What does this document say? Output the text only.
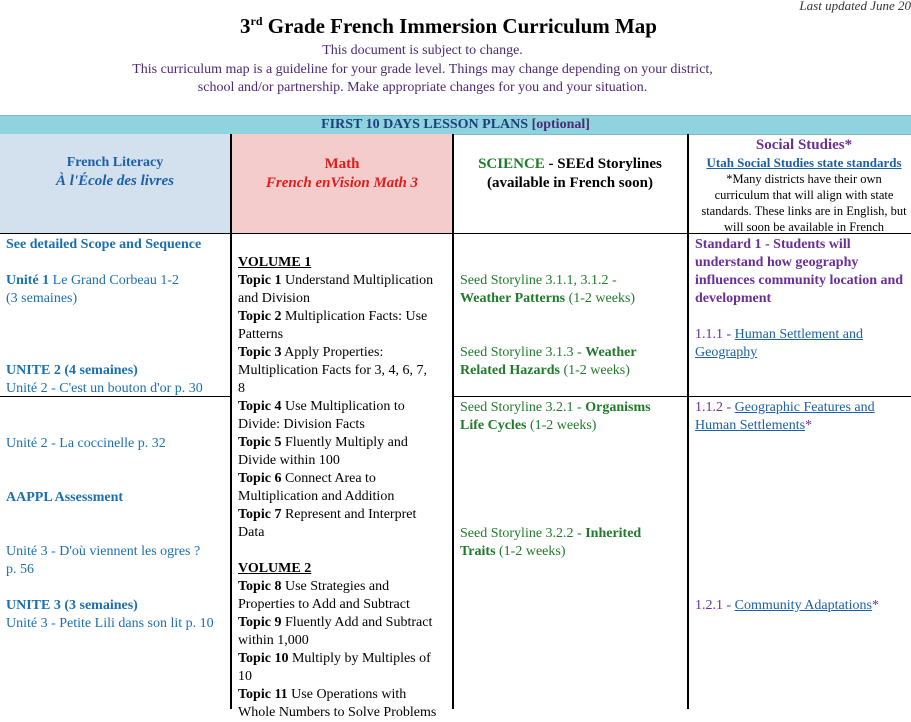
Last updated June 20
3rd Grade French Immersion Curriculum Map
This document is subject to change.
This curriculum map is a guideline for your grade level. Things may change depending on your district,
school and/or partnership. Make appropriate changes for you and your situation.
FIRST 10 DAYS LESSON PLANS [optional]
French Literacy
À l'École des livres
Math
French enVision Math 3
SCIENCE - SEEd Storylines
(available in French soon)
Social Studies*
Utah Social Studies state standards
*Many districts have their own
curriculum that will align with state
standards. These links are in English, but
will soon be available in French
See detailed Scope and Sequence
Unité 1 Le Grand Corbeau 1-2
(3 semaines)
UNITE 2 (4 semaines)
Unité 2 - C'est un bouton d'or p. 30
Unité 2 - La coccinelle p. 32
AAPPL Assessment
Unité 3 - D'où viennent les ogres ?
p. 56
UNITE 3 (3 semaines)
Unité 3 - Petite Lili dans son lit p. 10
VOLUME 1
Topic 1 Understand Multiplication
and Division
Topic 2 Multiplication Facts: Use
Patterns
Topic 3 Apply Properties:
Multiplication Facts for 3, 4, 6, 7,
8
Topic 4 Use Multiplication to
Divide: Division Facts
Topic 5 Fluently Multiply and
Divide within 100
Topic 6 Connect Area to
Multiplication and Addition
Topic 7 Represent and Interpret
Data
VOLUME 2
Topic 8 Use Strategies and
Properties to Add and Subtract
Topic 9 Fluently Add and Subtract
within 1,000
Topic 10 Multiply by Multiples of
10
Topic 11 Use Operations with
Whole Numbers to Solve Problems
Seed Storyline 3.1.1, 3.1.2 -
Weather Patterns (1-2 weeks)
Seed Storyline 3.1.3 - Weather
Related Hazards (1-2 weeks)
Seed Storyline 3.2.1 - Organisms
Life Cycles (1-2 weeks)
Seed Storyline 3.2.2 - Inherited
Traits (1-2 weeks)
Standard 1 - Students will
understand how geography
influences community location and
development
1.1.1 - Human Settlement and
Geography
1.1.2 - Geographic Features and
Human Settlements*
1.2.1 - Community Adaptations*
